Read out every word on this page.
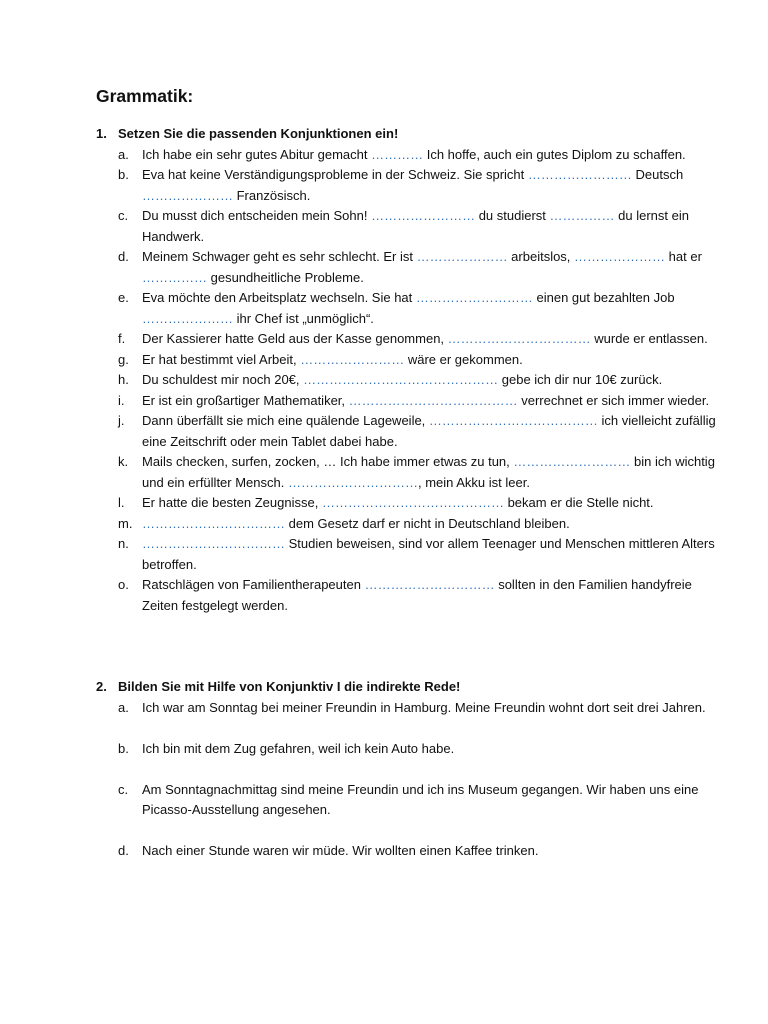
Grammatik:
1. Setzen Sie die passenden Konjunktionen ein!
a. Ich habe ein sehr gutes Abitur gemacht ………… Ich hoffe, auch ein gutes Diplom zu schaffen.
b. Eva hat keine Verständigungsprobleme in der Schweiz. Sie spricht …………………… Deutsch ………………… Französisch.
c. Du musst dich entscheiden mein Sohn! …………………… du studierst …………… du lernst ein Handwerk.
d. Meinem Schwager geht es sehr schlecht. Er ist ………………… arbeitslos, ………………… hat er …………… gesundheitliche Probleme.
e. Eva möchte den Arbeitsplatz wechseln. Sie hat ……………………… einen gut bezahlten Job ………………… ihr Chef ist „unmöglich“.
f. Der Kassierer hatte Geld aus der Kasse genommen, …………………………… wurde er entlassen.
g. Er hat bestimmt viel Arbeit, …………………… wäre er gekommen.
h. Du schuldest mir noch 20€, ……………………………………… gebe ich dir nur 10€ zurück.
i. Er ist ein großartiger Mathematiker, ………………………………… verrechnet er sich immer wieder.
j. Dann überfällt sie mich eine quälende Lageweile, ………………………………… ich vielleicht zufällig eine Zeitschrift oder mein Tablet dabei habe.
k. Mails checken, surfen, zocken, … Ich habe immer etwas zu tun, ……………………… bin ich wichtig und ein erfüllter Mensch. …………………………, mein Akku ist leer.
l. Er hatte die besten Zeugnisse, …………………………………… bekam er die Stelle nicht.
m. …………………………… dem Gesetz darf er nicht in Deutschland bleiben.
n. …………………………… Studien beweisen, sind vor allem Teenager und Menschen mittleren Alters betroffen.
o. Ratschlägen von Familientherapeuten ………………………… sollten in den Familien handyfreie Zeiten festgelegt werden.
2. Bilden Sie mit Hilfe von Konjunktiv I die indirekte Rede!
a. Ich war am Sonntag bei meiner Freundin in Hamburg. Meine Freundin wohnt dort seit drei Jahren.
b. Ich bin mit dem Zug gefahren, weil ich kein Auto habe.
c. Am Sonntagnachmittag sind meine Freundin und ich ins Museum gegangen. Wir haben uns eine Picasso-Ausstellung angesehen.
d. Nach einer Stunde waren wir müde. Wir wollten einen Kaffee trinken.
